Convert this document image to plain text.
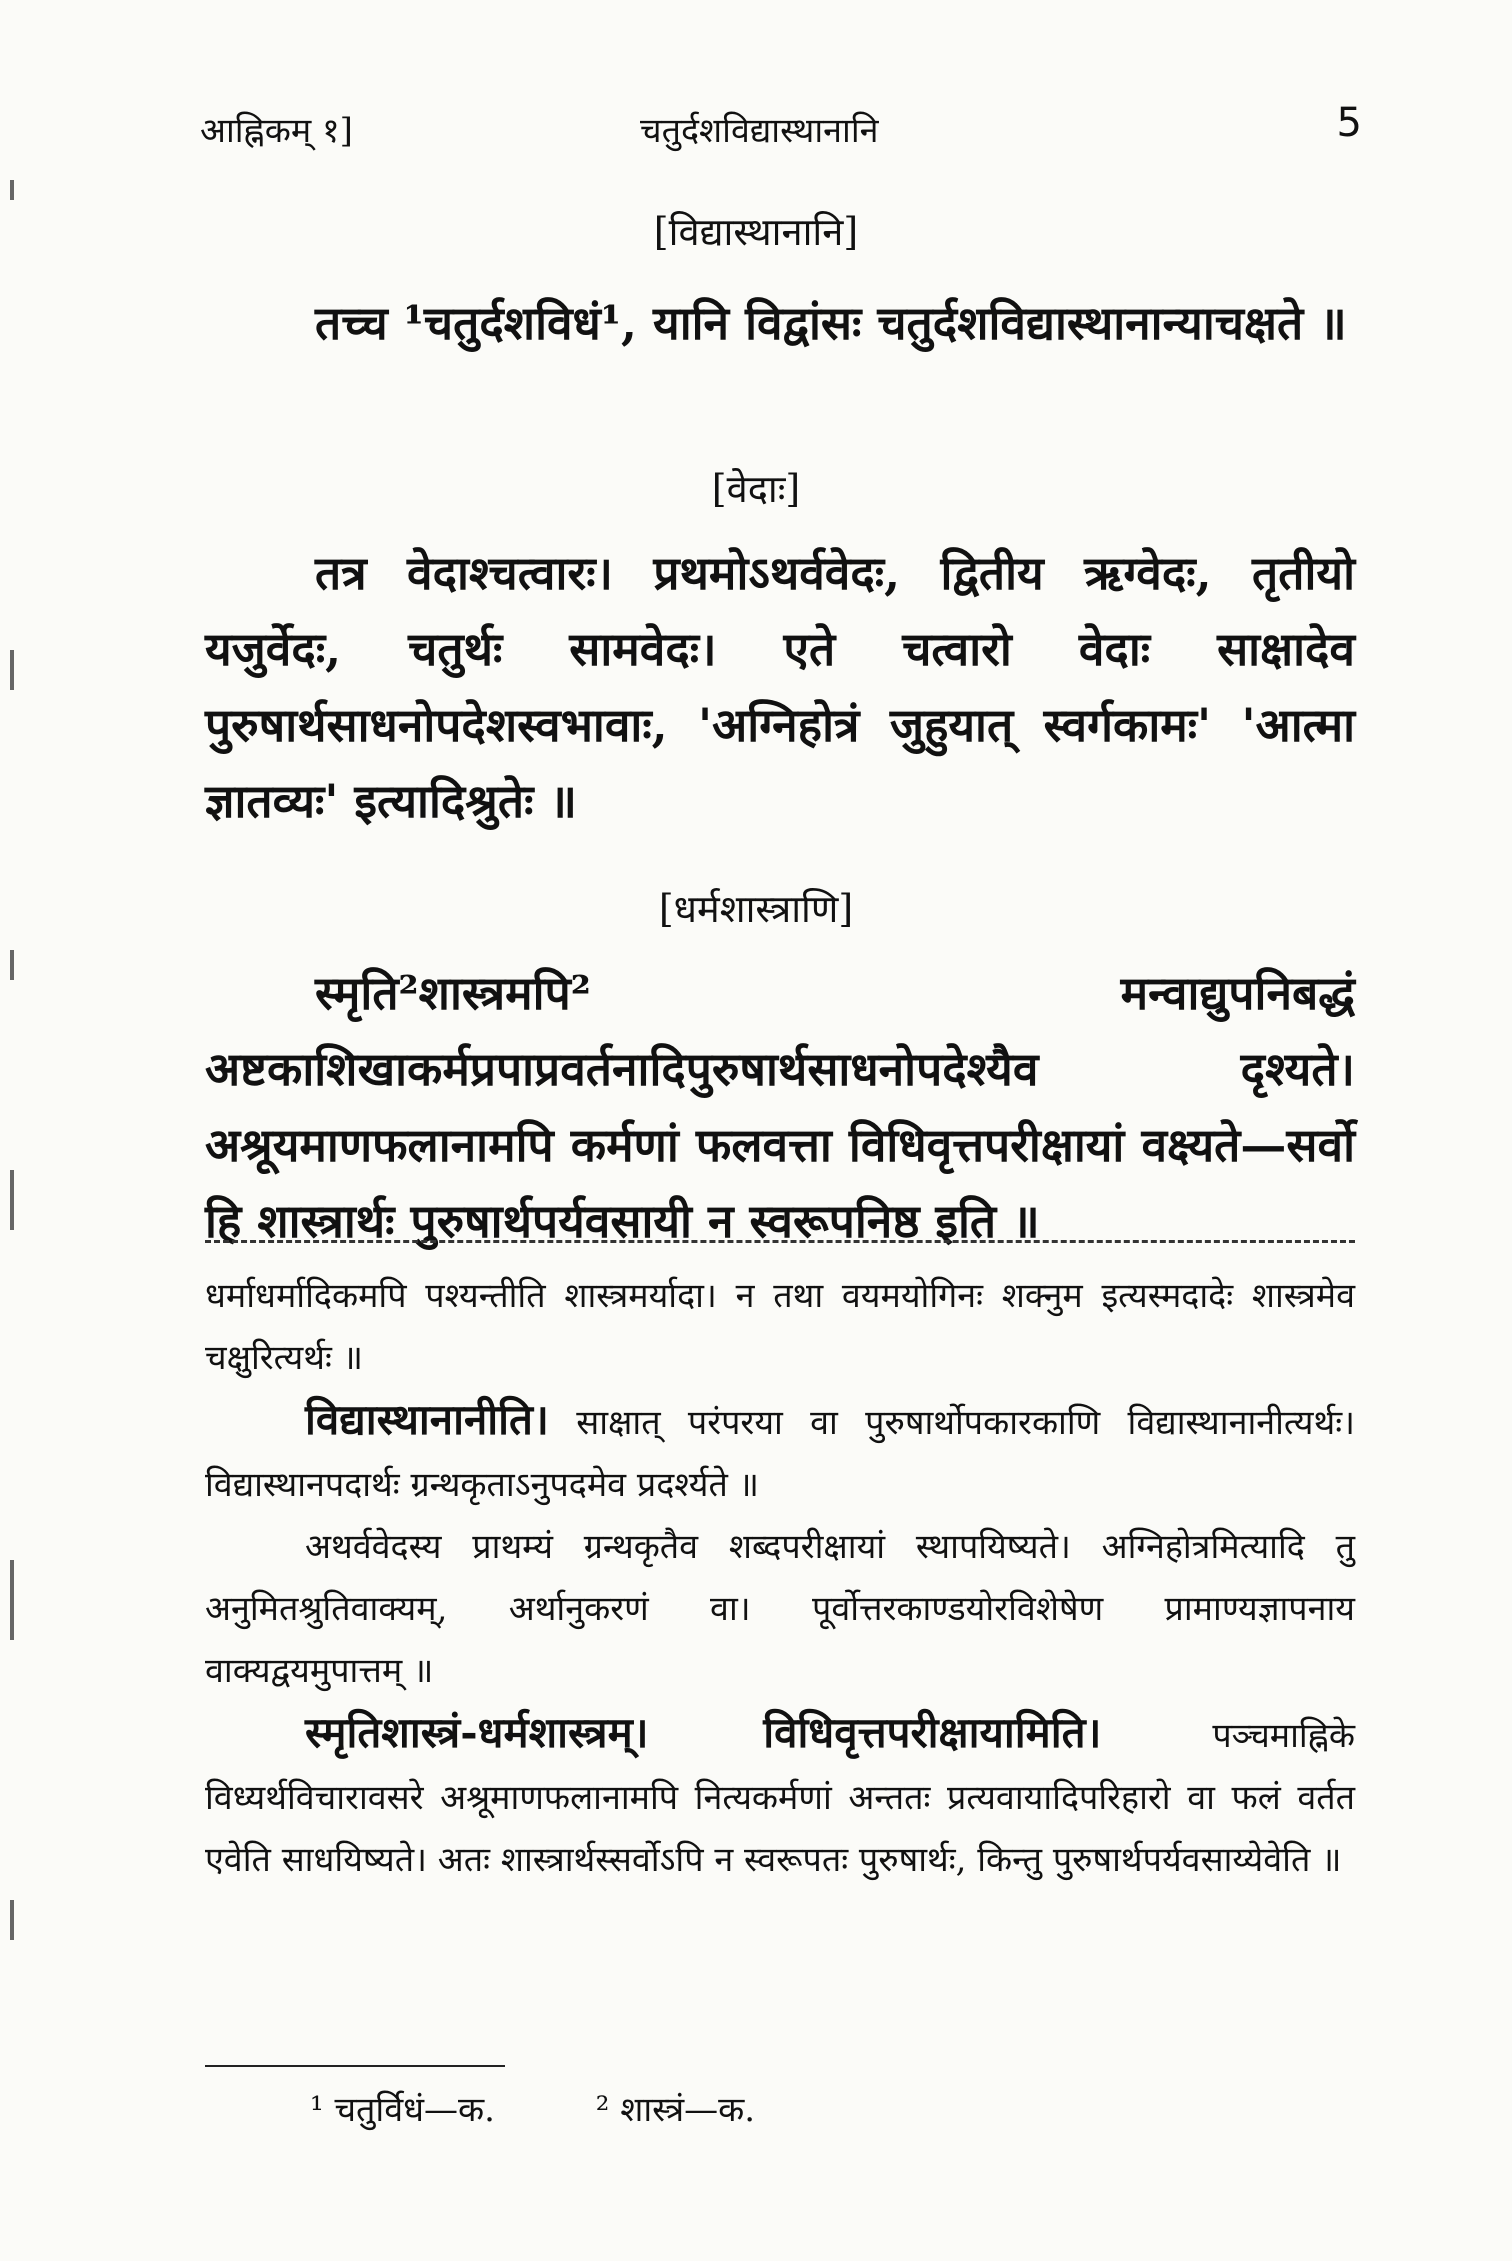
आह्निकम् १]	चतुर्दशविद्यास्थानानि	5
[विद्यास्थानानि]

तच्च ¹चतुर्दशविधं¹, यानि विद्वांसः चतुर्दशविद्यास्थानान्याचक्षते ॥

[वेदाः]

तत्र वेदाश्चत्वारः। प्रथमोऽथर्ववेदः, द्वितीय ऋग्वेदः, तृतीयो यजुर्वेदः, चतुर्थः सामवेदः। एते चत्वारो वेदाः साक्षादेव पुरुषार्थसाधनोपदेशस्वभावाः, 'अग्निहोत्रं जुहुयात् स्वर्गकामः' 'आत्मा ज्ञातव्यः' इत्यादिश्रुतेः ॥

[धर्मशास्त्राणि]

स्मृति²शास्त्रमपि² मन्वाद्युपनिबद्धं अष्टकाशिखाकर्मप्रपाप्रवर्तनादिपुरुषार्थसाधनोपदेश्यैव दृश्यते। अश्रूयमाणफलानामपि कर्मणां फलवत्ता विधिवृत्तपरीक्षायां वक्ष्यते—सर्वो हि शास्त्रार्थः पुरुषार्थपर्यवसायी न स्वरूपनिष्ठ इति ॥

धर्माधर्मादिकमपि पश्यन्तीति शास्त्रमर्यादा। न तथा वयमयोगिनः शक्नुम इत्यस्मदादेः शास्त्रमेव चक्षुरित्यर्थः ॥

विद्यास्थानानीति। साक्षात् परंपरया वा पुरुषार्थोपकारकाणि विद्यास्थानानीत्यर्थः। विद्यास्थानपदार्थः ग्रन्थकृताऽनुपदमेव प्रदर्श्यते ॥

अथर्ववेदस्य प्राथम्यं ग्रन्थकृतैव शब्दपरीक्षायां स्थापयिष्यते। अग्निहोत्रमित्यादि तु अनुमितश्रुतिवाक्यम्, अर्थानुकरणं वा। पूर्वोत्तरकाण्डयोरविशेषेण प्रामाण्यज्ञापनाय वाक्यद्वयमुपात्तम् ॥

स्मृतिशास्त्रं-धर्मशास्त्रम्। विधिवृत्तपरीक्षायामिति। पञ्चमाह्निके विध्यर्थविचारावसरे अश्रूमाणफलानामपि नित्यकर्मणां अन्ततः प्रत्यवायादिपरिहारो वा फलं वर्तत एवेति साधयिष्यते। अतः शास्त्रार्थस्सर्वोऽपि न स्वरूपतः पुरुषार्थः, किन्तु पुरुषार्थपर्यवसाय्येवेति ॥

¹ चतुर्विधं—क.	² शास्त्रं—क.
